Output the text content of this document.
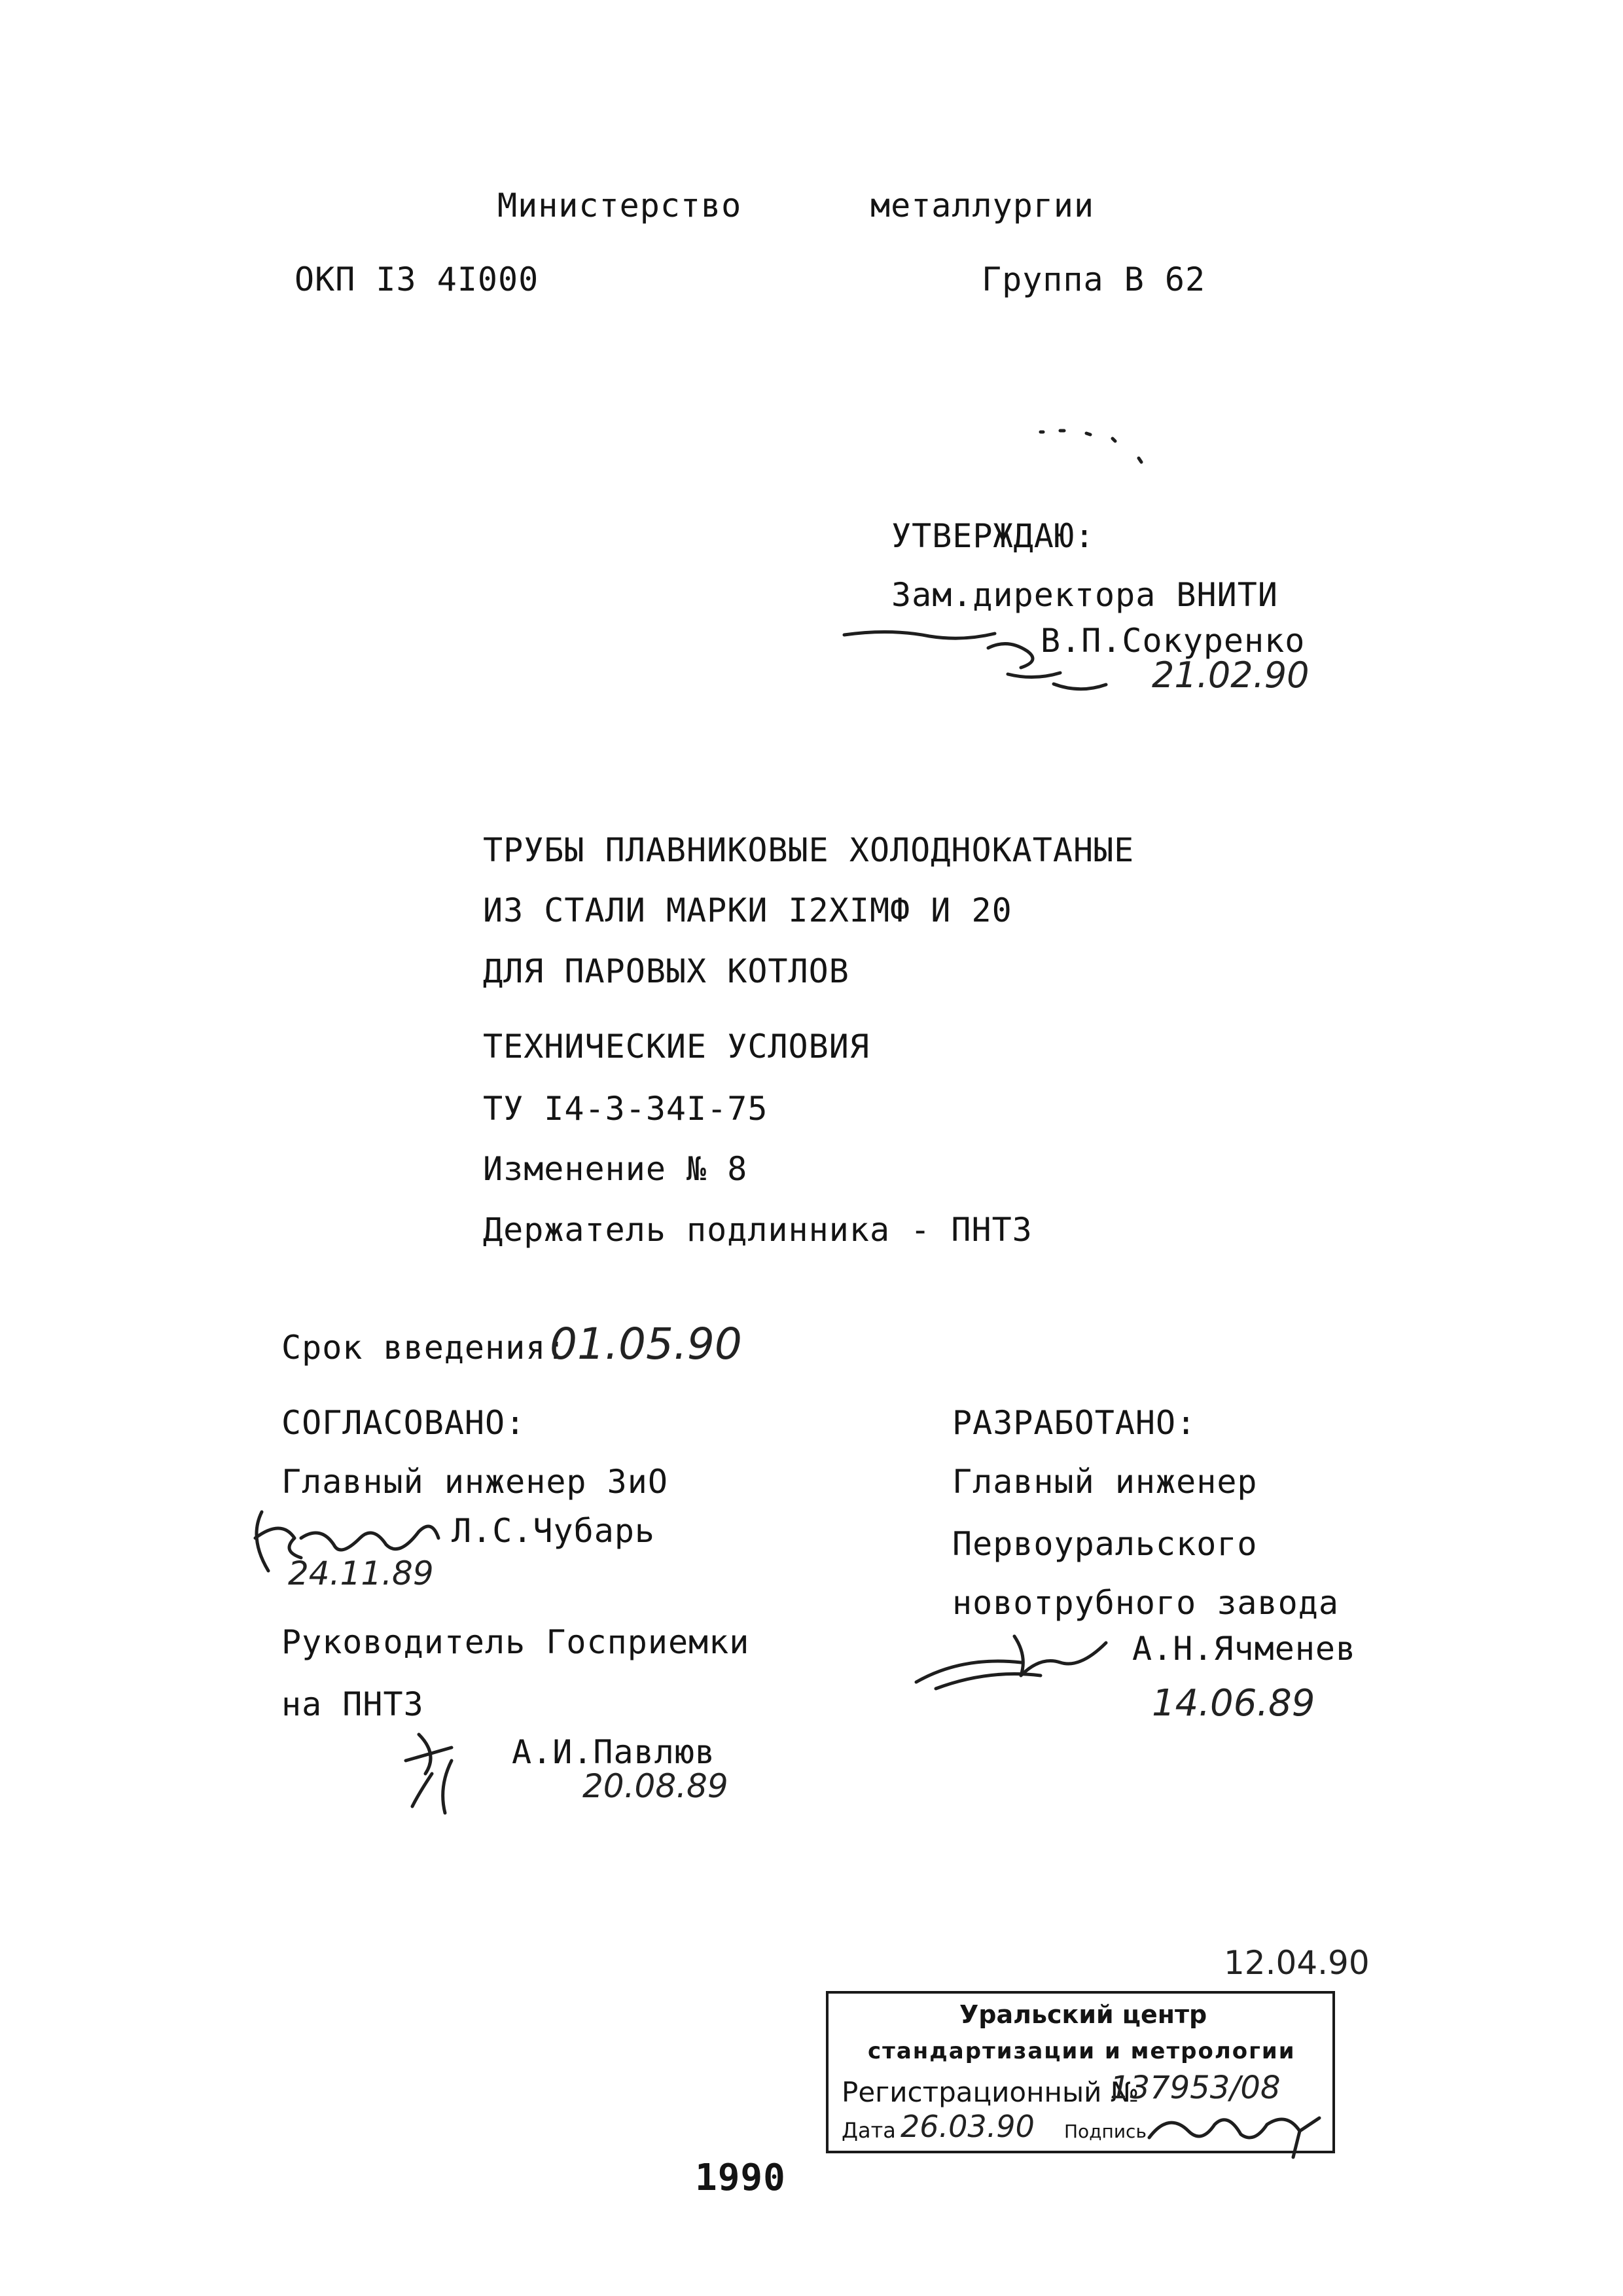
Министерство	металлургии
ОКП I3 4I000	Группа В 62
УТВЕРЖДАЮ:
Зам.директора ВНИТИ
В.П.Сокуренко
21.02.90
ТРУБЫ ПЛАВНИКОВЫЕ ХОЛОДНОКАТАНЫЕ
ИЗ СТАЛИ МАРКИ I2ХIМФ И 20
ДЛЯ ПАРОВЫХ КОТЛОВ
ТЕХНИЧЕСКИЕ УСЛОВИЯ
ТУ I4-3-34I-75
Изменение № 8
Держатель подлинника - ПНТЗ
Срок введения:
01.05.90
СОГЛАСОВАНО:
Главный инженер ЗиО
Л.С.Чубарь
24.11.89
Руководитель Госприемки
на ПНТЗ
А.И.Павлюв
20.08.89
РАЗРАБОТАНО:
Главный инженер
Первоуральского
новотрубного завода
А.Н.Ячменев
14.06.89
12.04.90
Уральский центр
стандартизации и метрологии
Регистрационный №
137953/08
Дата 26.03.90 Подпись
1990
